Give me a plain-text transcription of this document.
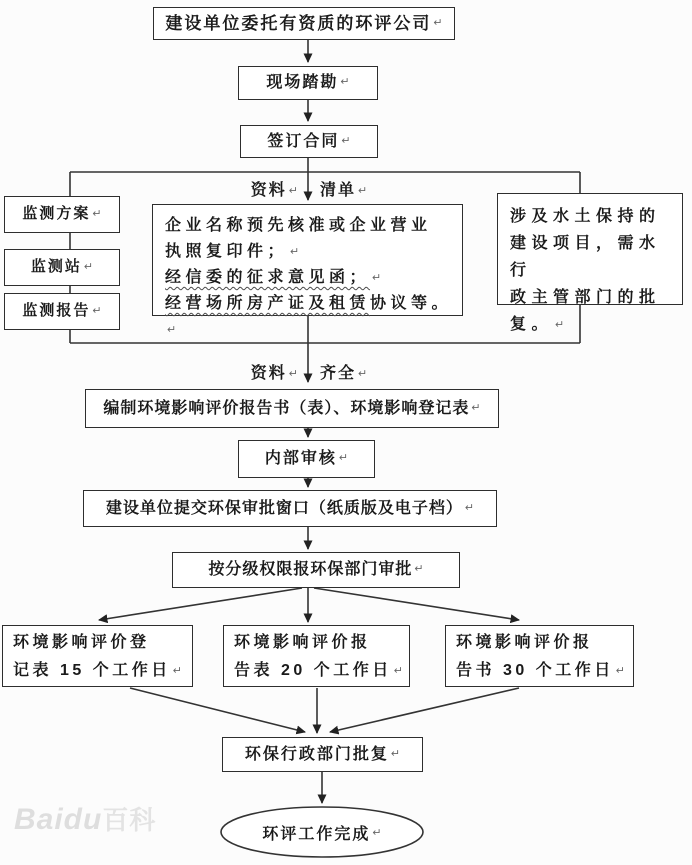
建设单位委托有资质的环评公司 ↵
现场踏勘 ↵
签订合同 ↵
资料 ↵ 清单 ↵
监测方案 ↵
监测站 ↵
监测报告 ↵
企业名称预先核准或企业营业
执照复印件； ↵
经信委的征求意见函； ↵
经营场所房产证及租赁协议等。↵
涉及水土保持的
建设项目，需水行
政主管部门的批
复。 ↵
资料 ↵ 齐全 ↵
编制环境影响评价报告书（表）、环境影响登记表 ↵
内部审核 ↵
建设单位提交环保审批窗口（纸质版及电子档） ↵
按分级权限报环保部门审批 ↵
环境影响评价登
记表 15 个工作日 ↵
环境影响评价报
告表 20 个工作日 ↵
环境影响评价报
告书 30 个工作日 ↵
环保行政部门批复 ↵
环评工作完成 ↵
Baidu百科
